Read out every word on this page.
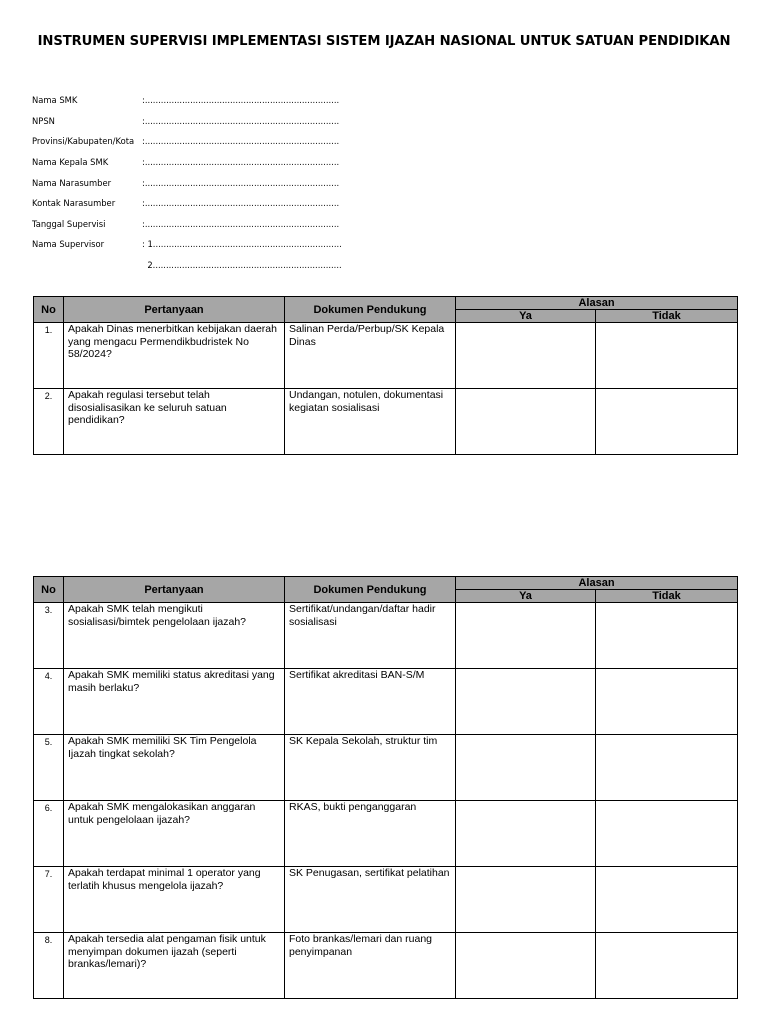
INSTRUMEN SUPERVISI IMPLEMENTASI SISTEM IJAZAH NASIONAL UNTUK SATUAN PENDIDIKAN
Nama SMK	:.........................................................................
NPSN	:.........................................................................
Provinsi/Kabupaten/Kota :.........................................................................
Nama Kepala SMK	:.........................................................................
Nama Narasumber	:.........................................................................
Kontak Narasumber	:.........................................................................
Tanggal Supervisi	:.........................................................................
Nama Supervisor	: 1.......................................................................
2.......................................................................
No	Pertanyaan	Dokumen Pendukung	Alasan	
			Ya	Tidak
1.	Apakah Dinas menerbitkan kebijakan daerah yang mengacu Permendikbudristek No 58/2024?	Salinan Perda/Perbup/SK Kepala Dinas		
2.	Apakah regulasi tersebut telah disosialisasikan ke seluruh satuan pendidikan?	Undangan, notulen, dokumentasi kegiatan sosialisasi		
No	Pertanyaan	Dokumen Pendukung	Alasan	
			Ya	Tidak
3.	Apakah SMK telah mengikuti sosialisasi/bimtek pengelolaan ijazah?	Sertifikat/undangan/daftar hadir sosialisasi		
4.	Apakah SMK memiliki status akreditasi yang masih berlaku?	Sertifikat akreditasi BAN-S/M		
5.	Apakah SMK memiliki SK Tim Pengelola Ijazah tingkat sekolah?	SK Kepala Sekolah, struktur tim		
6.	Apakah SMK mengalokasikan anggaran untuk pengelolaan ijazah?	RKAS, bukti penganggaran		
7.	Apakah terdapat minimal 1 operator yang terlatih khusus mengelola ijazah?	SK Penugasan, sertifikat pelatihan		
8.	Apakah tersedia alat pengaman fisik untuk menyimpan dokumen ijazah (seperti brankas/lemari)?	Foto brankas/lemari dan ruang penyimpanan		
